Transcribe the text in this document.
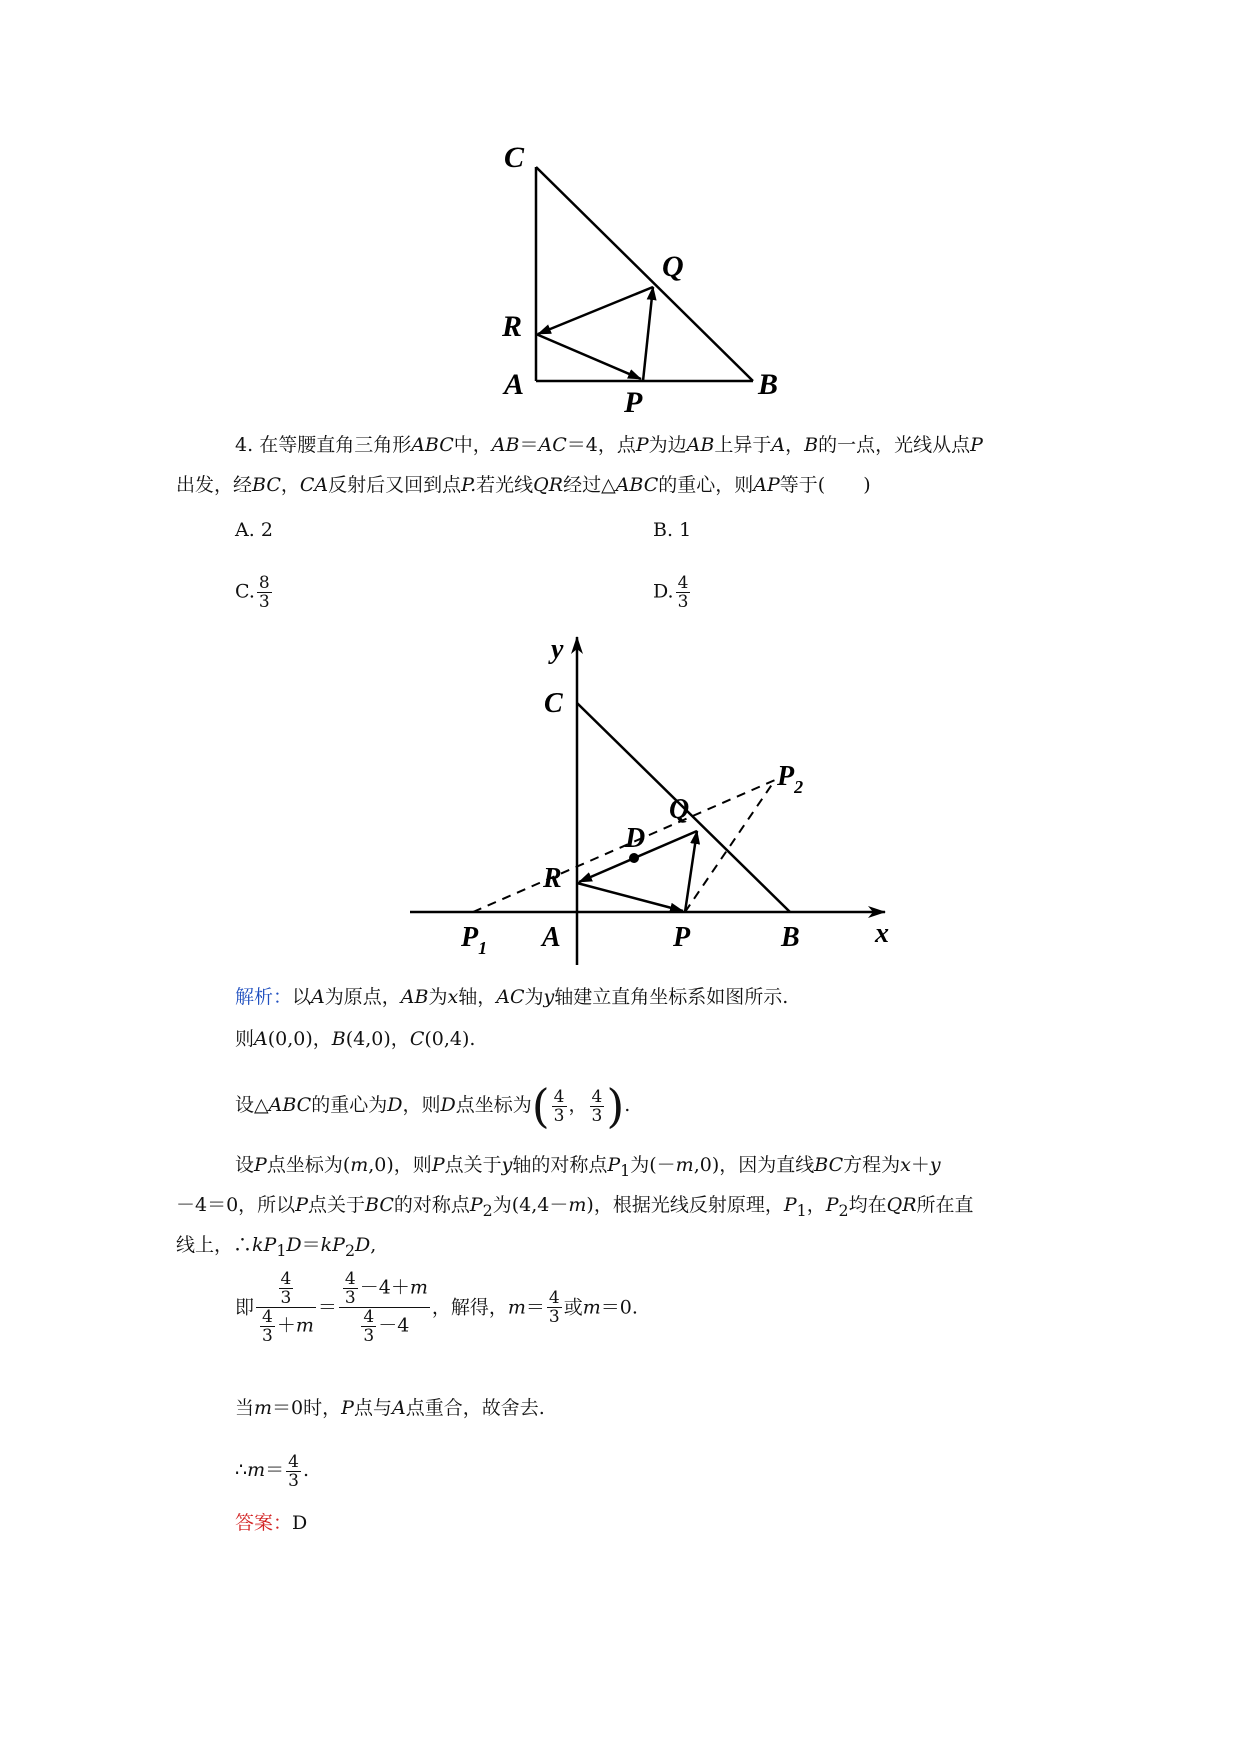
C
Q
R
A
P
B
4. 在等腰直角三角形ABC中，AB＝AC＝4，点P为边AB上异于A，B的一点，光线从点P
出发，经BC，CA反射后又回到点P.若光线QR经过△ABC的重心，则AP等于(　　)
A. 2	B. 1
C. $\frac{8}{3}$	D. $\frac{4}{3}$
y
x
C
Q
$P_2$
D
R
$P_1$ A	P	B
解析：以A为原点，AB为x轴，AC为y轴建立直角坐标系如图所示.
则A(0,0)，B(4,0)，C(0,4).
设△ABC的重心为D，则D点坐标为( $\frac{4}{3}$ ， $\frac{4}{3}$ ).
设P点坐标为(m,0)，则P点关于y轴的对称点$P_1$为(－m,0)，因为直线BC方程为x＋y
－4＝0，所以P点关于BC的对称点$P_2$为(4,4－m)，根据光线反射原理，$P_1$，$P_2$均在QR所在直
线上，$\therefore kP_1D=kP_2D$,
即 $\frac{\frac{4}{3}}{\frac{4}{3} +m} = \frac{\frac{4}{3} -4+m}{\frac{4}{3} -4}$ ，解得，$m= \frac{4}{3}$ 或m＝0.
当m＝0时，P点与A点重合，故舍去.
∴m＝ $\frac{4}{3}$ .
答案：D
